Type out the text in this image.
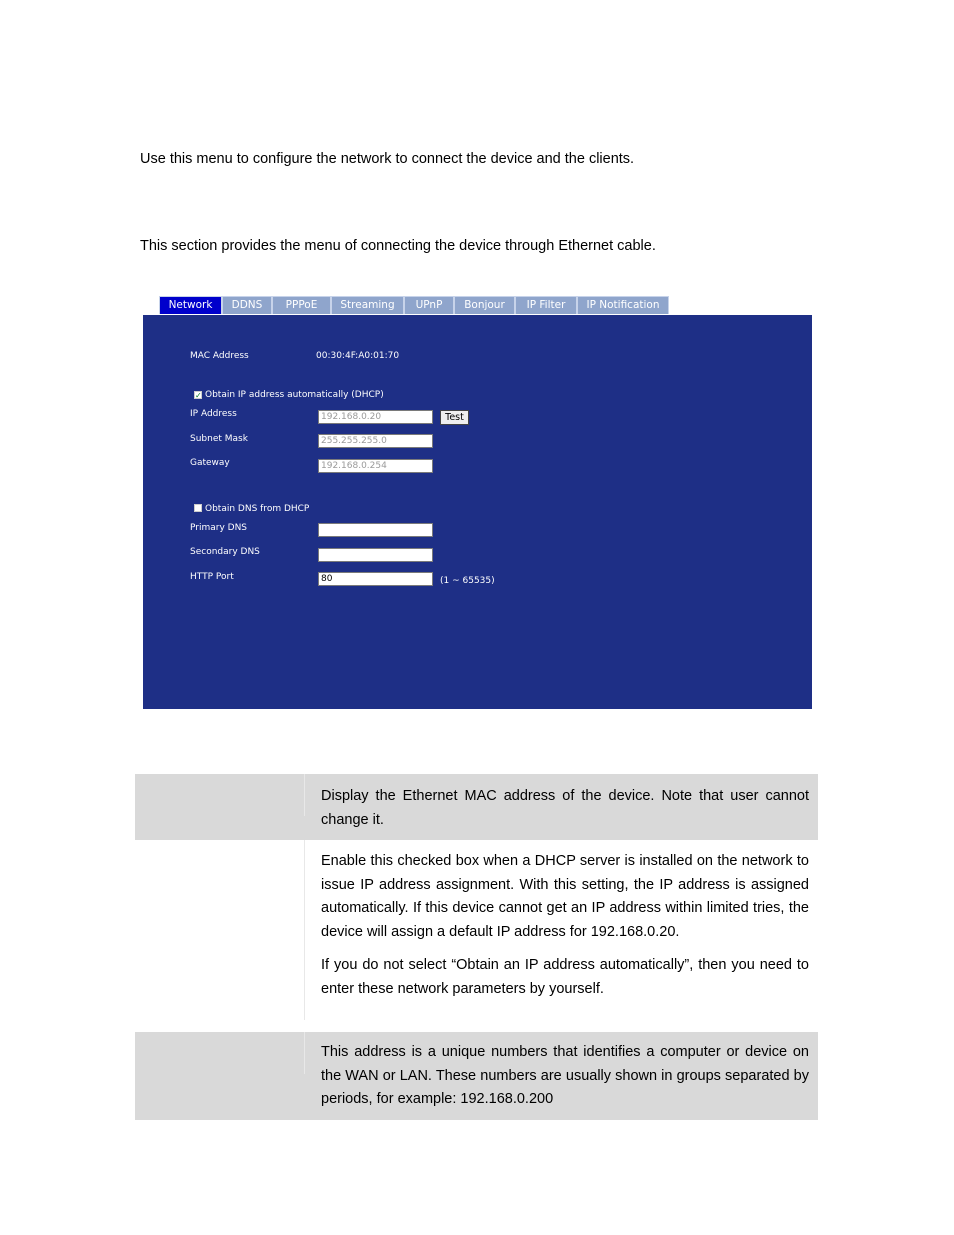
Use this menu to configure the network to connect the device and the clients.
This section provides the menu of connecting the device through Ethernet cable.
Network	DDNS	PPPoE	Streaming	UPnP	Bonjour	IP Filter	IP Notification
MAC Address	00:30:4F:A0:01:70
✓ Obtain IP address automatically (DHCP)
IP Address	192.168.0.20	Test
Subnet Mask	255.255.255.0
Gateway	192.168.0.254
Obtain DNS from DHCP
Primary DNS
Secondary DNS
HTTP Port	80	(1 ~ 65535)

Display the Ethernet MAC address of the device. Note that user cannot change it.

Enable this checked box when a DHCP server is installed on the network to issue IP address assignment. With this setting, the IP address is assigned automatically. If this device cannot get an IP address within limited tries, the device will assign a default IP address for 192.168.0.20.

If you do not select “Obtain an IP address automatically”, then you need to enter these network parameters by yourself.

This address is a unique numbers that identifies a computer or device on the WAN or LAN. These numbers are usually shown in groups separated by periods, for example: 192.168.0.200
